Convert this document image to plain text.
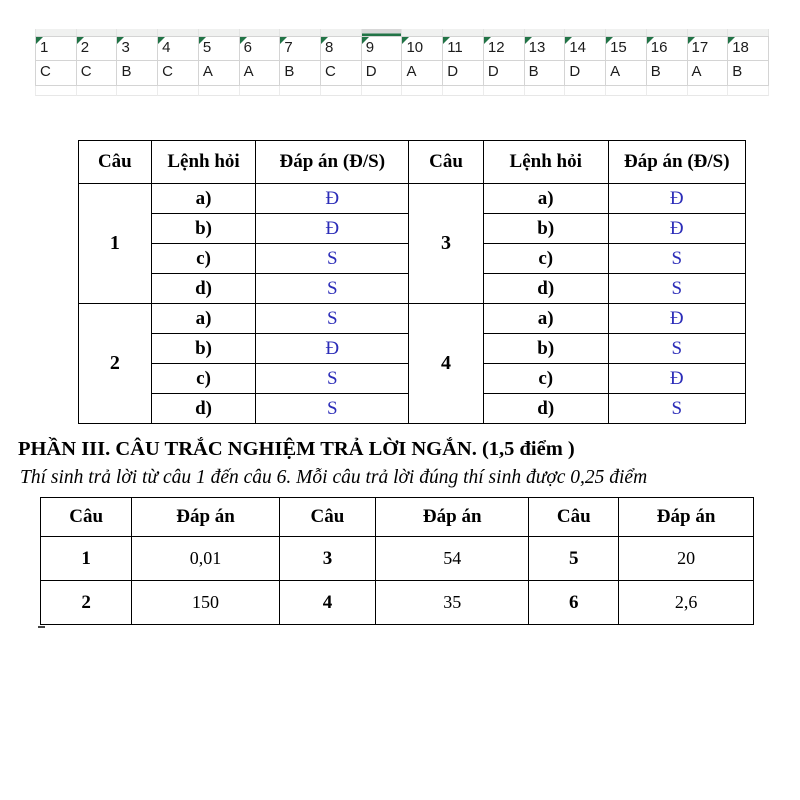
1	2	3	4	5	6	7	8	9	10	11	12	13	14	15	16	17	18
C	C	B	C	A	A	B	C	D	A	D	D	B	D	A	B	A	B
Câu	Lệnh hỏi	Đáp án (Đ/S)	Câu	Lệnh hỏi	Đáp án (Đ/S)
1	a)	Đ	3	a)	Đ
	b)	Đ		b)	Đ
	c)	S		c)	S
	d)	S		d)	S
2	a)	S	4	a)	Đ
	b)	Đ		b)	S
	c)	S		c)	Đ
	d)	S		d)	S
PHẦN III. CÂU TRẮC NGHIỆM TRẢ LỜI NGẮN. (1,5 điểm )
Thí sinh trả lời từ câu 1 đến câu 6. Mỗi câu trả lời đúng thí sinh được 0,25 điểm
Câu	Đáp án	Câu	Đáp án	Câu	Đáp án
1	0,01	3	54	5	20
2	150	4	35	6	2,6
